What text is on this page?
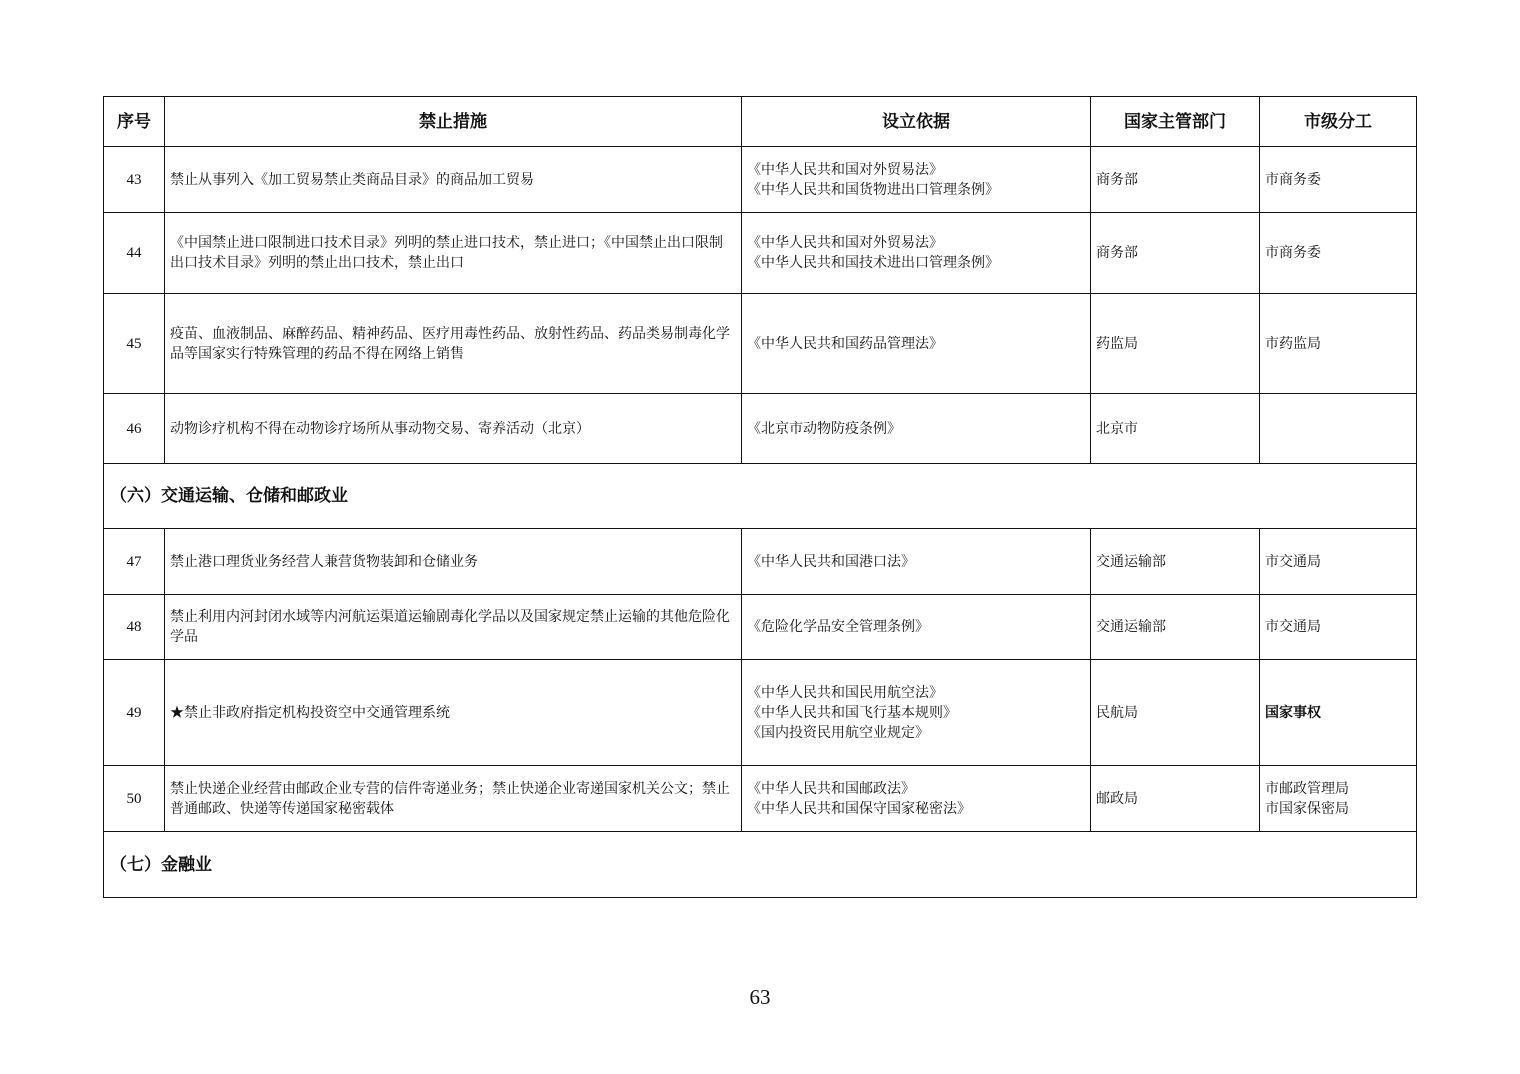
序号	禁止措施	设立依据	国家主管部门	市级分工
43	禁止从事列入《加工贸易禁止类商品目录》的商品加工贸易	《中华人民共和国对外贸易法》
《中华人民共和国货物进出口管理条例》	商务部	市商务委
44	《中国禁止进口限制进口技术目录》列明的禁止进口技术，禁止进口；《中国禁止出口限制出口技术目录》列明的禁止出口技术，禁止出口	《中华人民共和国对外贸易法》
《中华人民共和国技术进出口管理条例》	商务部	市商务委
45	疫苗、血液制品、麻醉药品、精神药品、医疗用毒性药品、放射性药品、药品类易制毒化学品等国家实行特殊管理的药品不得在网络上销售	《中华人民共和国药品管理法》	药监局	市药监局
46	动物诊疗机构不得在动物诊疗场所从事动物交易、寄养活动（北京）	《北京市动物防疫条例》	北京市	
（六）交通运输、仓储和邮政业				
47	禁止港口理货业务经营人兼营货物装卸和仓储业务	《中华人民共和国港口法》	交通运输部	市交通局
48	禁止利用内河封闭水域等内河航运渠道运输剧毒化学品以及国家规定禁止运输的其他危险化学品	《危险化学品安全管理条例》	交通运输部	市交通局
49	★禁止非政府指定机构投资空中交通管理系统	《中华人民共和国民用航空法》
《中华人民共和国飞行基本规则》
《国内投资民用航空业规定》	民航局	国家事权
50	禁止快递企业经营由邮政企业专营的信件寄递业务；禁止快递企业寄递国家机关公文；禁止普通邮政、快递等传递国家秘密载体	《中华人民共和国邮政法》
《中华人民共和国保守国家秘密法》	邮政局	市邮政管理局
市国家保密局
（七）金融业				
63
